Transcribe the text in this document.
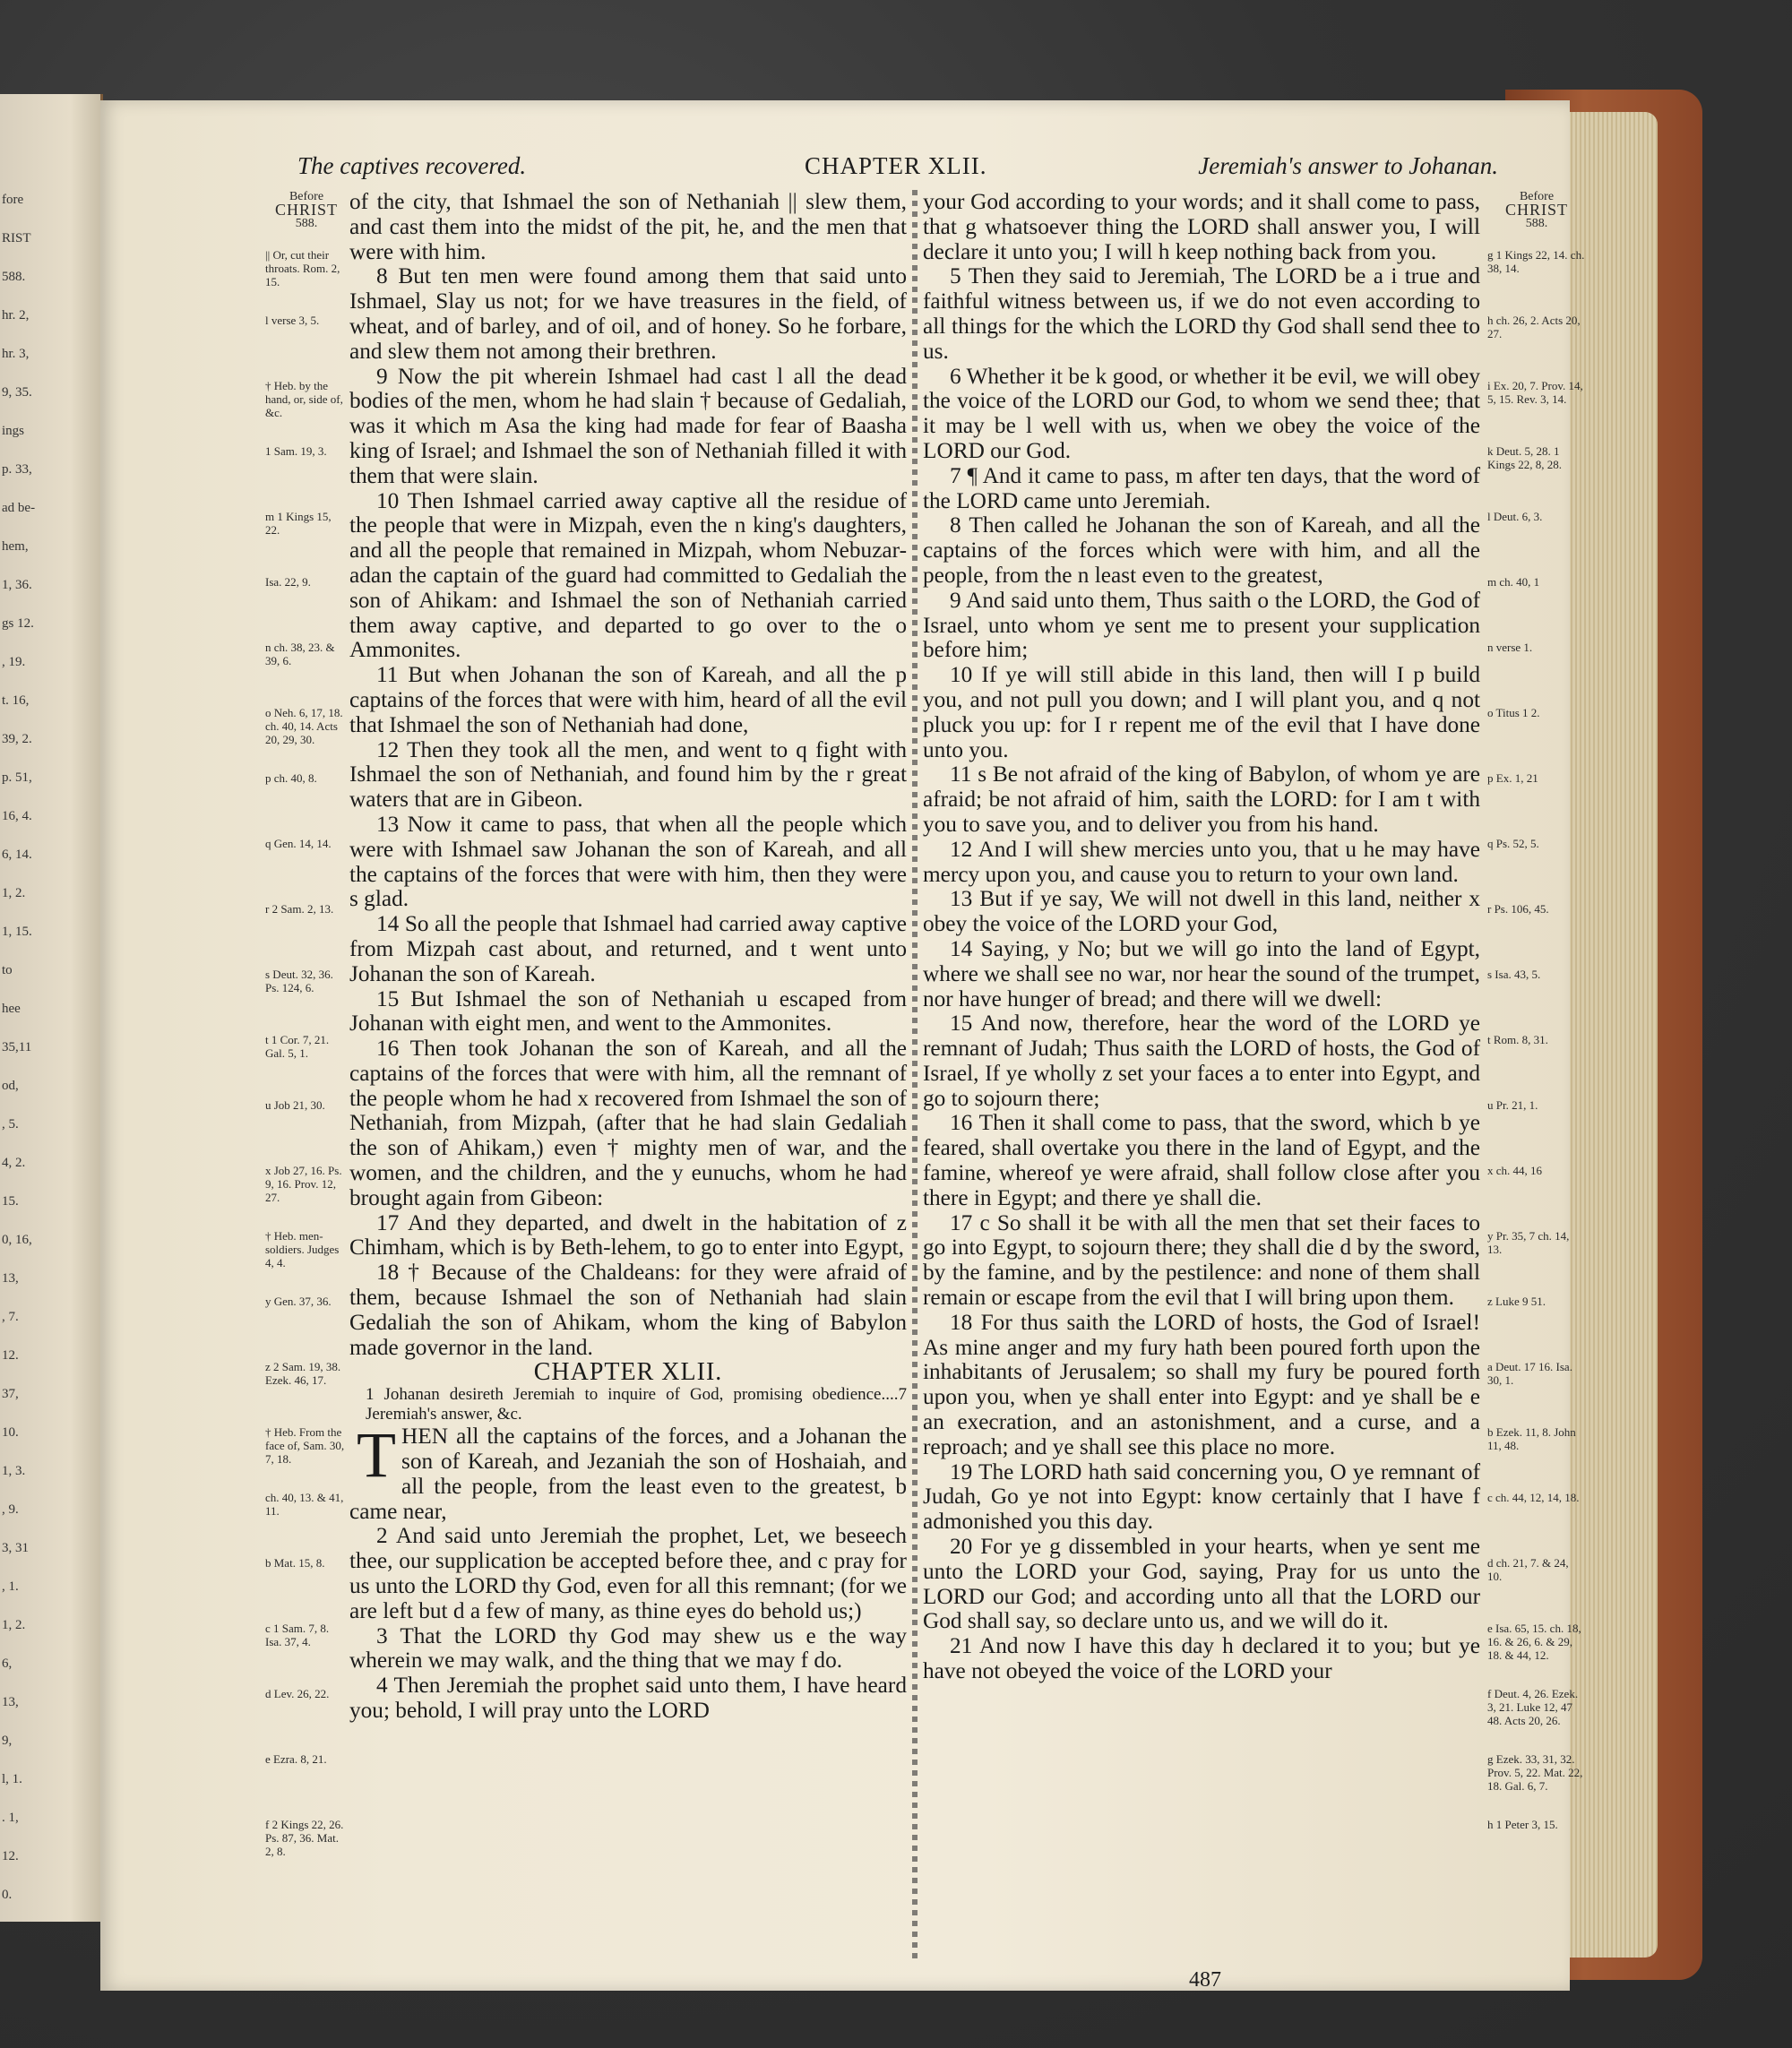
fore
RIST
588.
hr. 2,
hr. 3,
9, 35.
ings
p. 33,
ad be-
hem,
1, 36.
gs 12.
, 19.
t. 16,
39, 2.
p. 51,
16, 4.
6, 14.
1, 2.
1, 15.
to
hee
35,11
od,
, 5.
4, 2.
15.
0, 16,
13,
, 7.
12.
37,
10.
1, 3.
, 9.
3, 31
, 1.
1, 2.
6,
13,
9,
l, 1.
. 1,
12.
0.
The captives recovered.	CHAPTER XLII.	Jeremiah's answer to Johanan.
Before
CHRIST
588.
|| Or, cut their throats. Rom. 2, 15.
l verse 3, 5.
† Heb. by the hand, or, side of, &c.
1 Sam. 19, 3.
m 1 Kings 15, 22.
Isa. 22, 9.
n ch. 38, 23. & 39, 6.
o Neh. 6, 17, 18. ch. 40, 14. Acts 20, 29, 30.
p ch. 40, 8.
q Gen. 14, 14.
r 2 Sam. 2, 13.
s Deut. 32, 36. Ps. 124, 6.
t 1 Cor. 7, 21. Gal. 5, 1.
u Job 21, 30.
x Job 27, 16. Ps. 9, 16. Prov. 12, 27.
† Heb. men-soldiers. Judges 4, 4.
y Gen. 37, 36.
z 2 Sam. 19, 38. Ezek. 46, 17.
† Heb. From the face of, Sam. 30, 7, 18.
ch. 40, 13. & 41, 11.
b Mat. 15, 8.
c 1 Sam. 7, 8. Isa. 37, 4.
d Lev. 26, 22.
e Ezra. 8, 21.
f 2 Kings 22, 26. Ps. 87, 36. Mat. 2, 8.

of the city, that Ishmael the son of Nethaniah || slew them, and cast them into the midst of the pit, he, and the men that were with him.

8 But ten men were found among them that said unto Ishmael, Slay us not; for we have treasures in the field, of wheat, and of barley, and of oil, and of honey. So he forbare, and slew them not among their brethren.

9 Now the pit wherein Ishmael had cast l all the dead bodies of the men, whom he had slain † because of Gedaliah, was it which m Asa the king had made for fear of Baasha king of Israel; and Ishmael the son of Nethaniah filled it with them that were slain.

10 Then Ishmael carried away captive all the residue of the people that were in Mizpah, even the n king's daughters, and all the people that remained in Mizpah, whom Nebuzar-adan the captain of the guard had committed to Gedaliah the son of Ahikam: and Ishmael the son of Nethaniah carried them away captive, and departed to go over to the o Ammonites.

11 But when Johanan the son of Kareah, and all the p captains of the forces that were with him, heard of all the evil that Ishmael the son of Nethaniah had done,

12 Then they took all the men, and went to q fight with Ishmael the son of Nethaniah, and found him by the r great waters that are in Gibeon.

13 Now it came to pass, that when all the people which were with Ishmael saw Johanan the son of Kareah, and all the captains of the forces that were with him, then they were s glad.

14 So all the people that Ishmael had carried away captive from Mizpah cast about, and returned, and t went unto Johanan the son of Kareah.

15 But Ishmael the son of Nethaniah u escaped from Johanan with eight men, and went to the Ammonites.

16 Then took Johanan the son of Kareah, and all the captains of the forces that were with him, all the remnant of the people whom he had x recovered from Ishmael the son of Nethaniah, from Mizpah, (after that he had slain Gedaliah the son of Ahikam,) even † mighty men of war, and the women, and the children, and the y eunuchs, whom he had brought again from Gibeon:

17 And they departed, and dwelt in the habitation of z Chimham, which is by Beth-lehem, to go to enter into Egypt,

18 † Because of the Chaldeans: for they were afraid of them, because Ishmael the son of Nethaniah had slain Gedaliah the son of Ahikam, whom the king of Babylon made governor in the land.

CHAPTER XLII.

1 Johanan desireth Jeremiah to inquire of God, promising obedience....7 Jeremiah's answer, &c.

THEN all the captains of the forces, and a Johanan the son of Kareah, and Jezaniah the son of Hoshaiah, and all the people, from the least even to the greatest, b came near,

2 And said unto Jeremiah the prophet, Let, we beseech thee, our supplication be accepted before thee, and c pray for us unto the LORD thy God, even for all this remnant; (for we are left but d a few of many, as thine eyes do behold us;)

3 That the LORD thy God may shew us e the way wherein we may walk, and the thing that we may f do.

4 Then Jeremiah the prophet said unto them, I have heard you; behold, I will pray unto the LORD

your God according to your words; and it shall come to pass, that g whatsoever thing the LORD shall answer you, I will declare it unto you; I will h keep nothing back from you.

5 Then they said to Jeremiah, The LORD be a i true and faithful witness between us, if we do not even according to all things for the which the LORD thy God shall send thee to us.

6 Whether it be k good, or whether it be evil, we will obey the voice of the LORD our God, to whom we send thee; that it may be l well with us, when we obey the voice of the LORD our God.

7 ¶ And it came to pass, m after ten days, that the word of the LORD came unto Jeremiah.

8 Then called he Johanan the son of Kareah, and all the captains of the forces which were with him, and all the people, from the n least even to the greatest,

9 And said unto them, Thus saith o the LORD, the God of Israel, unto whom ye sent me to present your supplication before him;

10 If ye will still abide in this land, then will I p build you, and not pull you down; and I will plant you, and q not pluck you up: for I r repent me of the evil that I have done unto you.

11 s Be not afraid of the king of Babylon, of whom ye are afraid; be not afraid of him, saith the LORD: for I am t with you to save you, and to deliver you from his hand.

12 And I will shew mercies unto you, that u he may have mercy upon you, and cause you to return to your own land.

13 But if ye say, We will not dwell in this land, neither x obey the voice of the LORD your God,

14 Saying, y No; but we will go into the land of Egypt, where we shall see no war, nor hear the sound of the trumpet, nor have hunger of bread; and there will we dwell:

15 And now, therefore, hear the word of the LORD ye remnant of Judah; Thus saith the LORD of hosts, the God of Israel, If ye wholly z set your faces a to enter into Egypt, and go to sojourn there;

16 Then it shall come to pass, that the sword, which b ye feared, shall overtake you there in the land of Egypt, and the famine, whereof ye were afraid, shall follow close after you there in Egypt; and there ye shall die.

17 c So shall it be with all the men that set their faces to go into Egypt, to sojourn there; they shall die d by the sword, by the famine, and by the pestilence: and none of them shall remain or escape from the evil that I will bring upon them.

18 For thus saith the LORD of hosts, the God of Israel! As mine anger and my fury hath been poured forth upon the inhabitants of Jerusalem; so shall my fury be poured forth upon you, when ye shall enter into Egypt: and ye shall be e an execration, and an astonishment, and a curse, and a reproach; and ye shall see this place no more.

19 The LORD hath said concerning you, O ye remnant of Judah, Go ye not into Egypt: know certainly that I have f admonished you this day.

20 For ye g dissembled in your hearts, when ye sent me unto the LORD your God, saying, Pray for us unto the LORD our God; and according unto all that the LORD our God shall say, so declare unto us, and we will do it.

21 And now I have this day h declared it to you; but ye have not obeyed the voice of the LORD your

Before
CHRIST
588.
g 1 Kings 22, 14. ch. 38, 14.
h ch. 26, 2. Acts 20, 27.
i Ex. 20, 7. Prov. 14, 5, 15. Rev. 3, 14.
k Deut. 5, 28. 1 Kings 22, 8, 28.
l Deut. 6, 3.
m ch. 40, 1
n verse 1.
o Titus 1 2.
p Ex. 1, 21
q Ps. 52, 5.
r Ps. 106, 45.
s Isa. 43, 5.
t Rom. 8, 31.
u Pr. 21, 1.
x ch. 44, 16
y Pr. 35, 7 ch. 14, 13.
z Luke 9 51.
a Deut. 17 16. Isa. 30, 1.
b Ezek. 11, 8. John 11, 48.
c ch. 44, 12, 14, 18.
d ch. 21, 7. & 24, 10.
e Isa. 65, 15. ch. 18, 16. & 26, 6. & 29, 18. & 44, 12.
f Deut. 4, 26. Ezek. 3, 21. Luke 12, 47 48. Acts 20, 26.
g Ezek. 33, 31, 32. Prov. 5, 22. Mat. 22, 18. Gal. 6, 7.
h 1 Peter 3, 15.
487
